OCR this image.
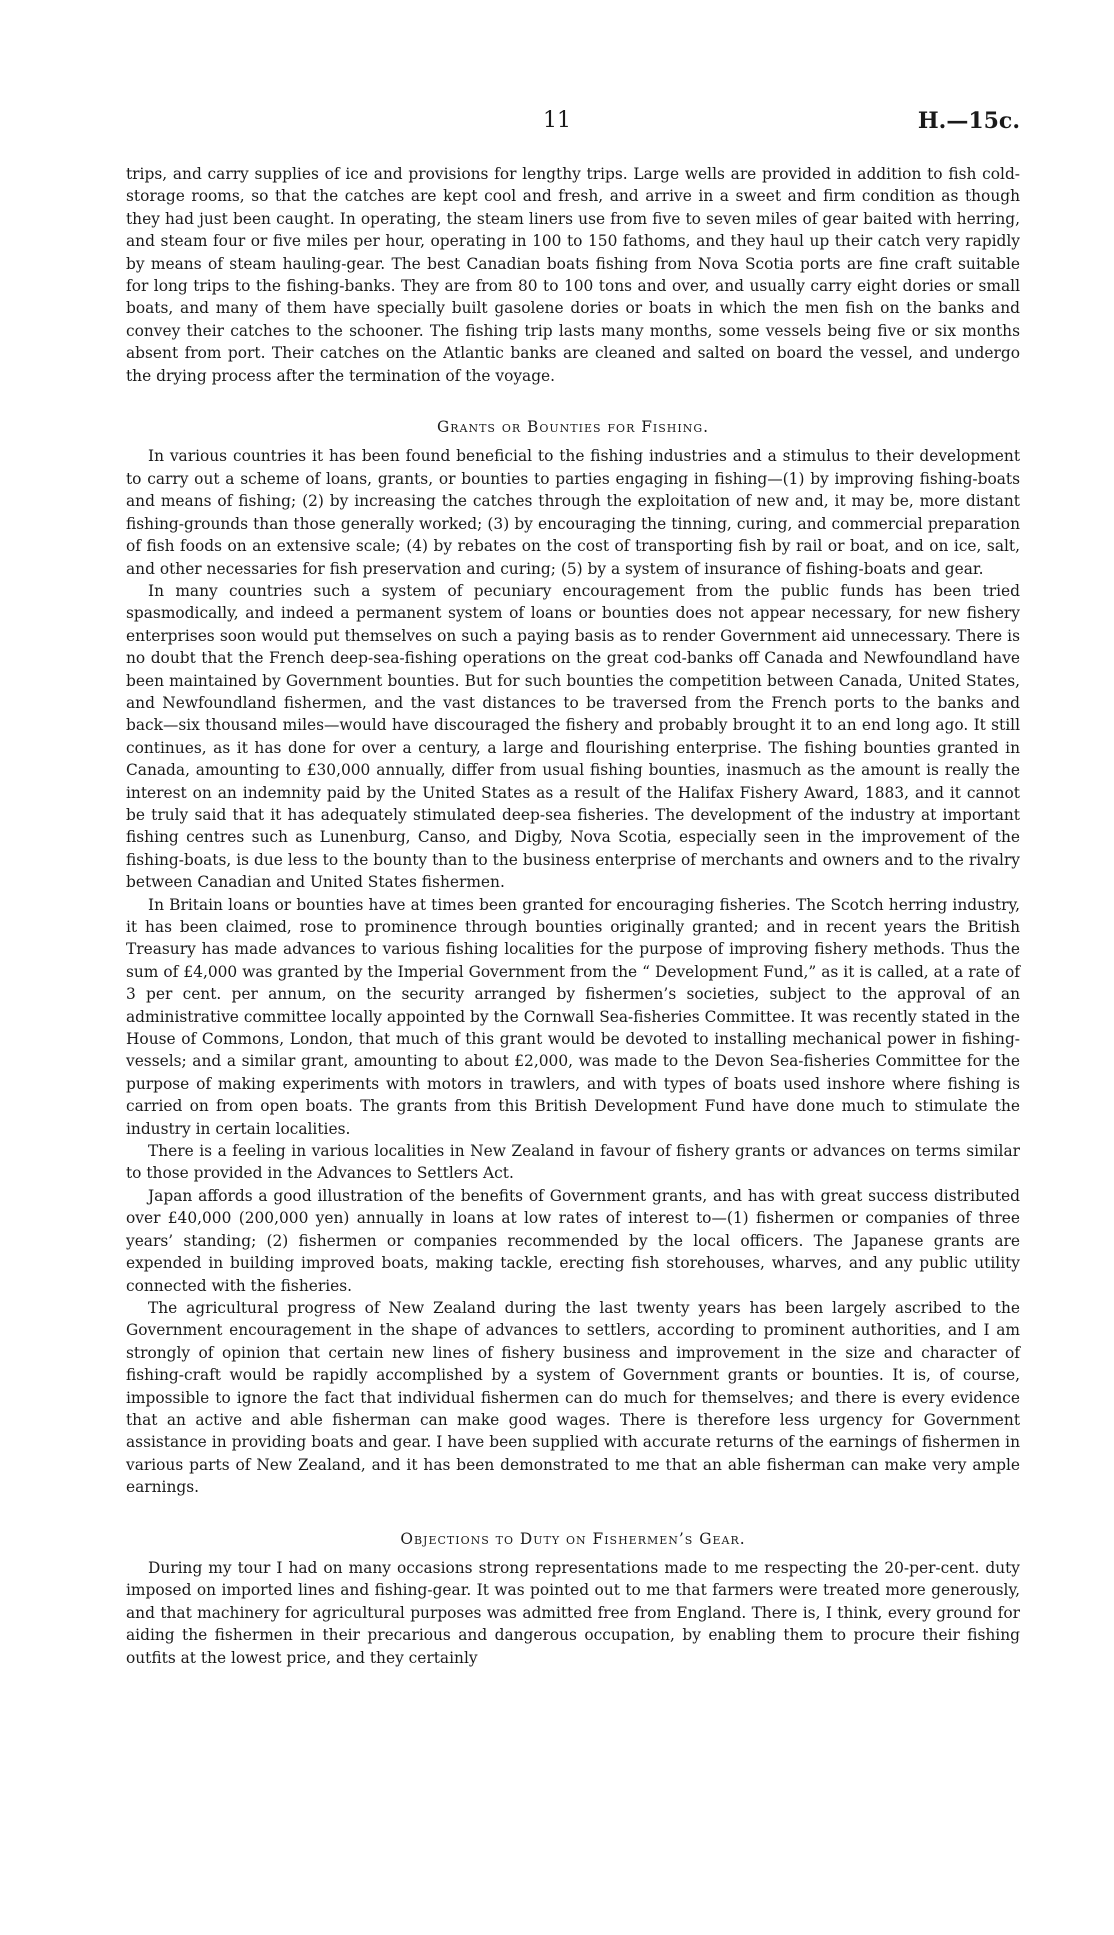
11	H.—15c.

trips, and carry supplies of ice and provisions for lengthy trips. Large wells are provided in addition to fish cold-storage rooms, so that the catches are kept cool and fresh, and arrive in a sweet and firm condition as though they had just been caught. In operating, the steam liners use from five to seven miles of gear baited with herring, and steam four or five miles per hour, operating in 100 to 150 fathoms, and they haul up their catch very rapidly by means of steam hauling-gear. The best Canadian boats fishing from Nova Scotia ports are fine craft suitable for long trips to the fishing-banks. They are from 80 to 100 tons and over, and usually carry eight dories or small boats, and many of them have specially built gasolene dories or boats in which the men fish on the banks and convey their catches to the schooner. The fishing trip lasts many months, some vessels being five or six months absent from port. Their catches on the Atlantic banks are cleaned and salted on board the vessel, and undergo the drying process after the termination of the voyage.

Grants or Bounties for Fishing.

In various countries it has been found beneficial to the fishing industries and a stimulus to their development to carry out a scheme of loans, grants, or bounties to parties engaging in fishing—(1) by improving fishing-boats and means of fishing; (2) by increasing the catches through the exploitation of new and, it may be, more distant fishing-grounds than those generally worked; (3) by encouraging the tinning, curing, and commercial preparation of fish foods on an extensive scale; (4) by rebates on the cost of transporting fish by rail or boat, and on ice, salt, and other necessaries for fish preservation and curing; (5) by a system of insurance of fishing-boats and gear.

In many countries such a system of pecuniary encouragement from the public funds has been tried spasmodically, and indeed a permanent system of loans or bounties does not appear necessary, for new fishery enterprises soon would put themselves on such a paying basis as to render Government aid unnecessary. There is no doubt that the French deep-sea-fishing operations on the great cod-banks off Canada and Newfoundland have been maintained by Government bounties. But for such bounties the competition between Canada, United States, and Newfoundland fishermen, and the vast distances to be traversed from the French ports to the banks and back—six thousand miles—would have discouraged the fishery and probably brought it to an end long ago. It still continues, as it has done for over a century, a large and flourishing enterprise. The fishing bounties granted in Canada, amounting to £30,000 annually, differ from usual fishing bounties, inasmuch as the amount is really the interest on an indemnity paid by the United States as a result of the Halifax Fishery Award, 1883, and it cannot be truly said that it has adequately stimulated deep-sea fisheries. The development of the industry at important fishing centres such as Lunenburg, Canso, and Digby, Nova Scotia, especially seen in the improvement of the fishing-boats, is due less to the bounty than to the business enterprise of merchants and owners and to the rivalry between Canadian and United States fishermen.

In Britain loans or bounties have at times been granted for encouraging fisheries. The Scotch herring industry, it has been claimed, rose to prominence through bounties originally granted; and in recent years the British Treasury has made advances to various fishing localities for the purpose of improving fishery methods. Thus the sum of £4,000 was granted by the Imperial Government from the “ Development Fund,” as it is called, at a rate of 3 per cent. per annum, on the security arranged by fishermen’s societies, subject to the approval of an administrative committee locally appointed by the Cornwall Sea-fisheries Committee. It was recently stated in the House of Commons, London, that much of this grant would be devoted to installing mechanical power in fishing-vessels; and a similar grant, amounting to about £2,000, was made to the Devon Sea-fisheries Committee for the purpose of making experiments with motors in trawlers, and with types of boats used inshore where fishing is carried on from open boats. The grants from this British Development Fund have done much to stimulate the industry in certain localities.

There is a feeling in various localities in New Zealand in favour of fishery grants or advances on terms similar to those provided in the Advances to Settlers Act.

Japan affords a good illustration of the benefits of Government grants, and has with great success distributed over £40,000 (200,000 yen) annually in loans at low rates of interest to—(1) fishermen or companies of three years’ standing; (2) fishermen or companies recommended by the local officers. The Japanese grants are expended in building improved boats, making tackle, erecting fish storehouses, wharves, and any public utility connected with the fisheries.

The agricultural progress of New Zealand during the last twenty years has been largely ascribed to the Government encouragement in the shape of advances to settlers, according to prominent authorities, and I am strongly of opinion that certain new lines of fishery business and improvement in the size and character of fishing-craft would be rapidly accomplished by a system of Government grants or bounties. It is, of course, impossible to ignore the fact that individual fishermen can do much for themselves; and there is every evidence that an active and able fisherman can make good wages. There is therefore less urgency for Government assistance in providing boats and gear. I have been supplied with accurate returns of the earnings of fishermen in various parts of New Zealand, and it has been demonstrated to me that an able fisherman can make very ample earnings.

Objections to Duty on Fishermen’s Gear.

During my tour I had on many occasions strong representations made to me respecting the 20-per-cent. duty imposed on imported lines and fishing-gear. It was pointed out to me that farmers were treated more generously, and that machinery for agricultural purposes was admitted free from England. There is, I think, every ground for aiding the fishermen in their precarious and dangerous occupation, by enabling them to procure their fishing outfits at the lowest price, and they certainly
